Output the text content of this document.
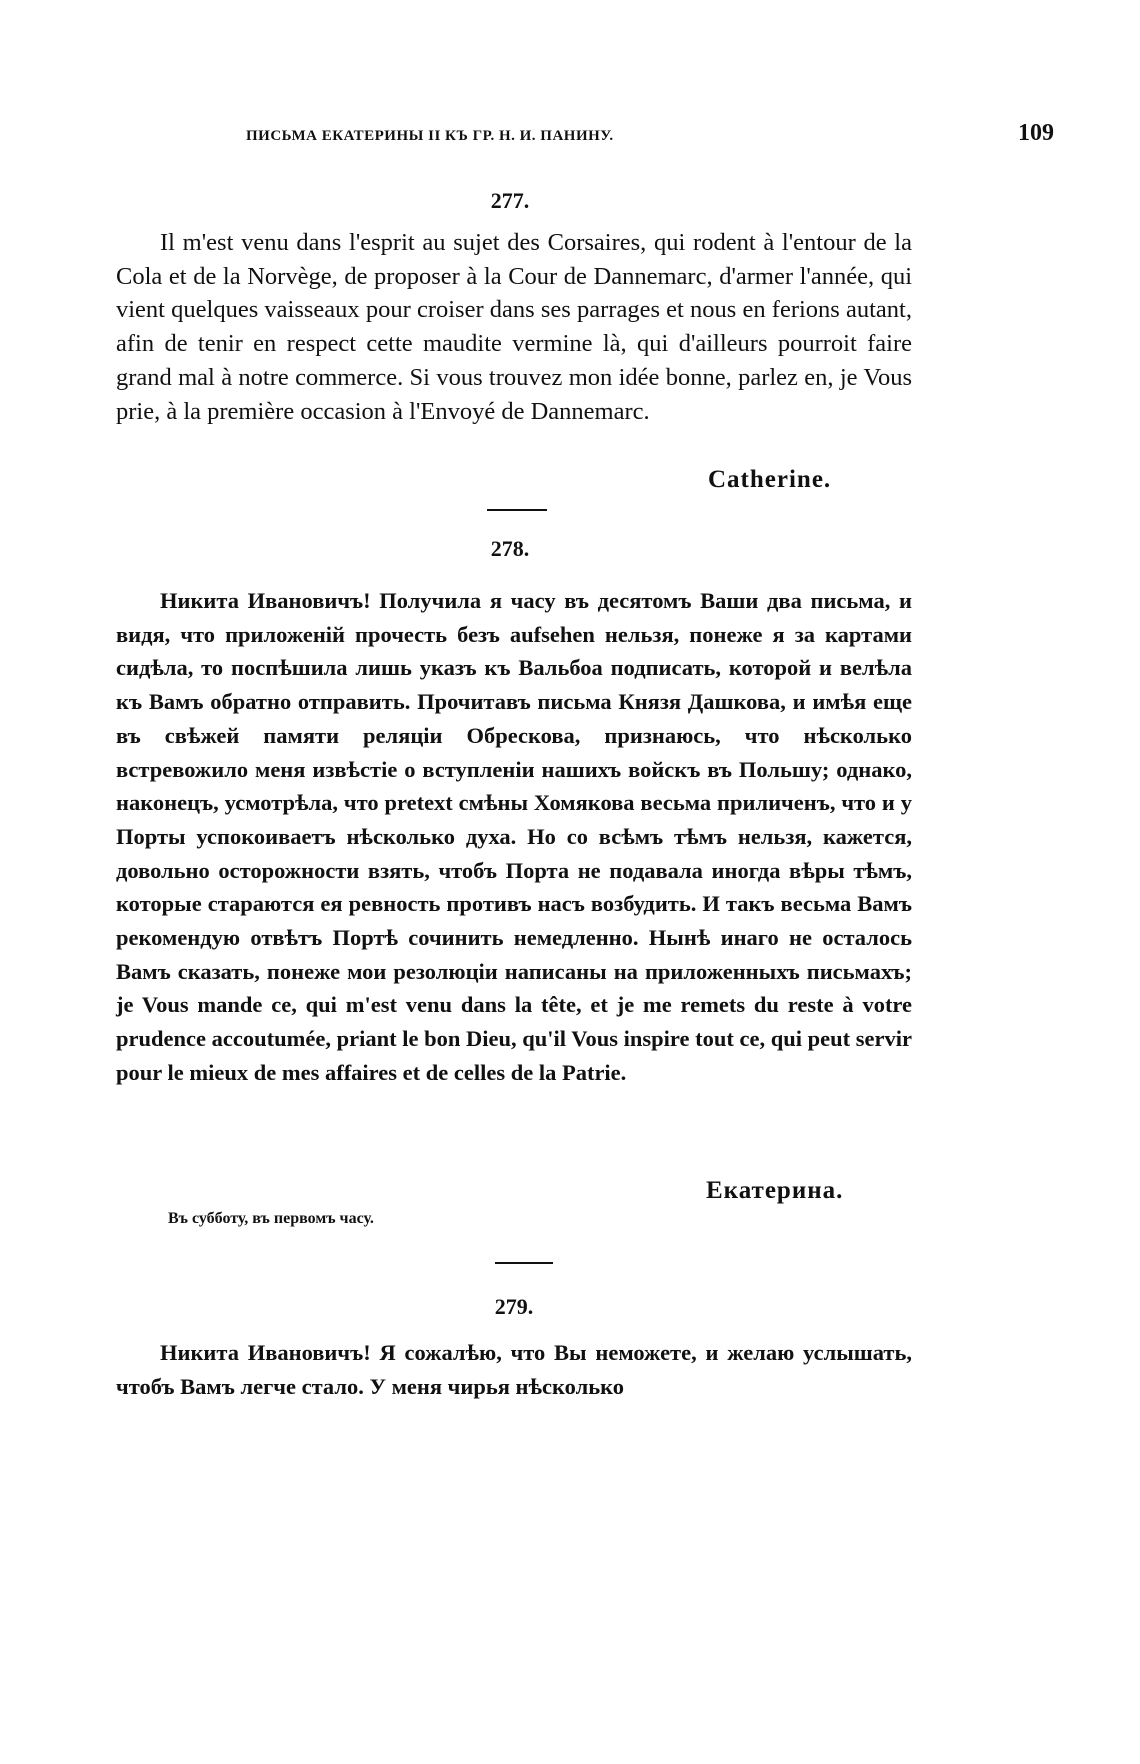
ПИСЬМА ЕКАТЕРИНЫ II КЪ ГР. Н. И. ПАНИНУ.	109
277.

Il m'est venu dans l'esprit au sujet des Corsaires, qui rodent à l'entour de la Cola et de la Norvège, de proposer à la Cour de Dannemarc, d'armer l'année, qui vient quelques vaisseaux pour croiser dans ses parrages et nous en ferions autant, afin de tenir en respect cette maudite vermine là, qui d'ailleurs pourroit faire grand mal à notre commerce. Si vous trouvez mon idée bonne, parlez en, je Vous prie, à la première occasion à l'Envoyé de Dannemarc.

Catherine.
278.

Никита Ивановичъ! Получила я часу въ десятомъ Ваши два письма, и видя, что приложеній прочесть безъ aufsehen нельзя, понеже я за картами сидѣла, то поспѣшила лишь указъ къ Вальбоа подписать, которой и велѣла къ Вамъ обратно отправить. Прочитавъ письма Князя Дашкова, и имѣя еще въ свѣжей памяти реляціи Обрескова, признаюсь, что нѣсколько встревожило меня извѣстіе о вступленіи нашихъ войскъ въ Польшу; однако, наконецъ, усмотрѣла, что pretext смѣны Хомякова весьма приличенъ, что и у Порты успокоиваетъ нѣсколько духа. Но со всѣмъ тѣмъ нельзя, кажется, довольно осторожности взять, чтобъ Порта не подавала иногда вѣры тѣмъ, которые стараются ея ревность противъ насъ возбудить. И такъ весьма Вамъ рекомендую отвѣтъ Портѣ сочинить немедленно. Нынѣ инаго не осталось Вамъ сказать, понеже мои резолюціи написаны на приложенныхъ письмахъ; je Vous mande ce, qui m'est venu dans la tête, et je me remets du reste à votre prudence accoutumée, priant le bon Dieu, qu'il Vous inspire tout ce, qui peut servir pour le mieux de mes affaires et de celles de la Patrie.

Екатерина.
Въ субботу, въ первомъ часу.
279.

Никита Ивановичъ! Я сожалѣю, что Вы неможете, и желаю услышать, чтобъ Вамъ легче стало. У меня чирья нѣсколько
